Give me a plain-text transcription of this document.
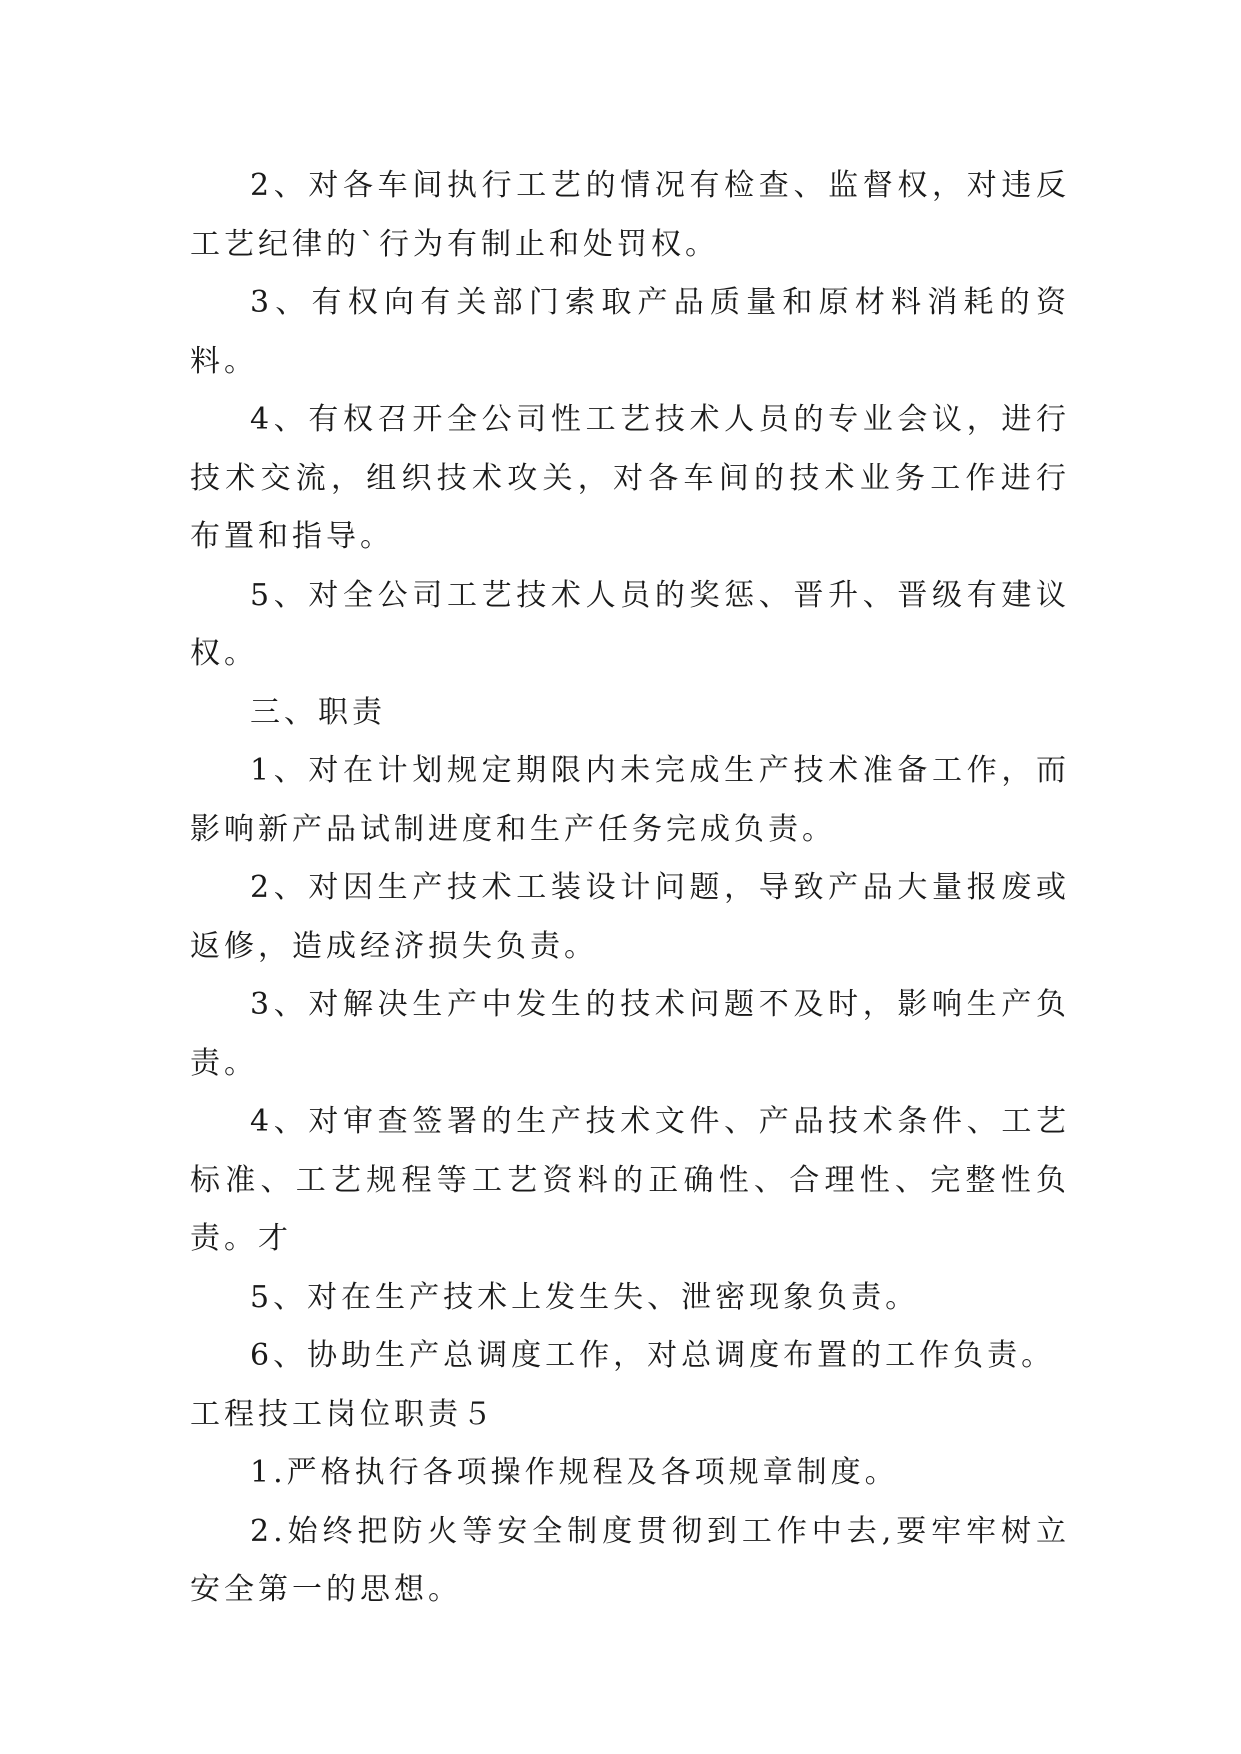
2、对各车间执行工艺的情况有检查、监督权，对违反工艺纪律的`行为有制止和处罚权。

3、有权向有关部门索取产品质量和原材料消耗的资料。

4、有权召开全公司性工艺技术人员的专业会议，进行技术交流，组织技术攻关，对各车间的技术业务工作进行布置和指导。

5、对全公司工艺技术人员的奖惩、晋升、晋级有建议权。

三、职责

1、对在计划规定期限内未完成生产技术准备工作，而影响新产品试制进度和生产任务完成负责。

2、对因生产技术工装设计问题，导致产品大量报废或返修，造成经济损失负责。

3、对解决生产中发生的技术问题不及时，影响生产负责。

4、对审查签署的生产技术文件、产品技术条件、工艺标准、工艺规程等工艺资料的正确性、合理性、完整性负责。才

5、对在生产技术上发生失、泄密现象负责。

6、协助生产总调度工作，对总调度布置的工作负责。

工程技工岗位职责５

1.严格执行各项操作规程及各项规章制度。

2.始终把防火等安全制度贯彻到工作中去,要牢牢树立安全第一的思想。
